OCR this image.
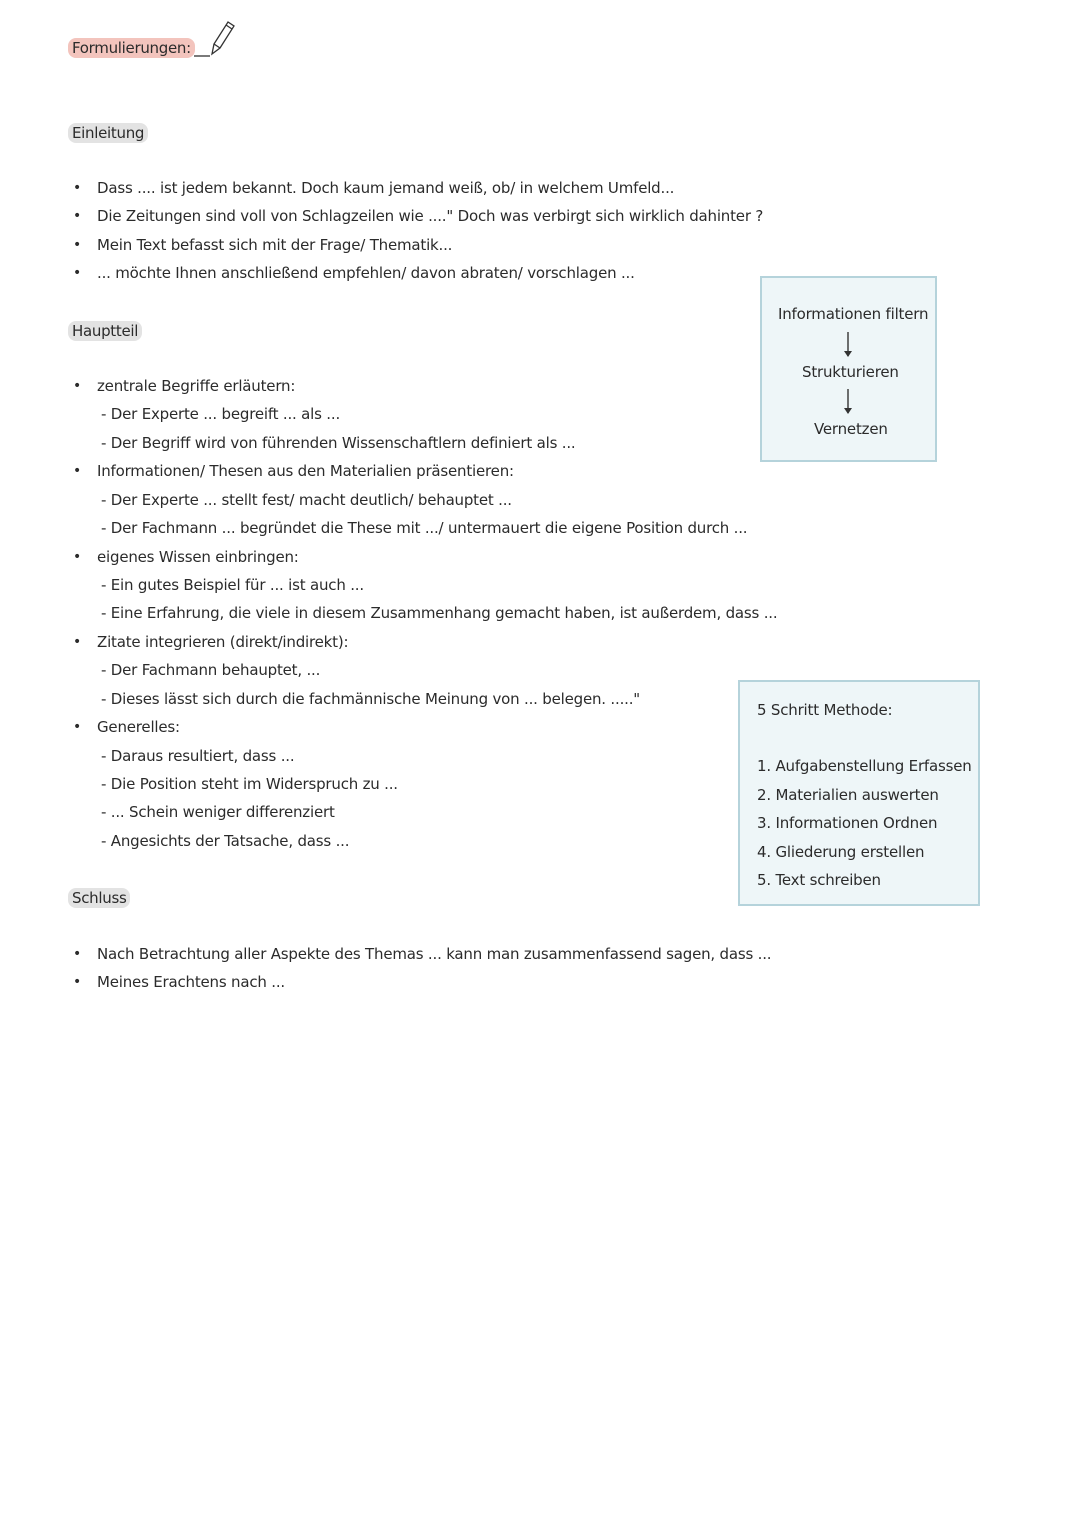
Formulierungen:
Einleitung
• Dass .... ist jedem bekannt. Doch kaum jemand weiß, ob/ in welchem Umfeld...
• Die Zeitungen sind voll von Schlagzeilen wie ...." Doch was verbirgt sich wirklich dahinter ?
• Mein Text befasst sich mit der Frage/ Thematik...
• ... möchte Ihnen anschließend empfehlen/ davon abraten/ vorschlagen ...
Hauptteil
• zentrale Begriffe erläutern:
- Der Experte ... begreift ... als ...
- Der Begriff wird von führenden Wissenschaftlern definiert als ...
• Informationen/ Thesen aus den Materialien präsentieren:
- Der Experte ... stellt fest/ macht deutlich/ behauptet ...
- Der Fachmann ... begründet die These mit .../ untermauert die eigene Position durch ...
• eigenes Wissen einbringen:
- Ein gutes Beispiel für ... ist auch ...
- Eine Erfahrung, die viele in diesem Zusammenhang gemacht haben, ist außerdem, dass ...
• Zitate integrieren (direkt/indirekt):
- Der Fachmann behauptet, ...
- Dieses lässt sich durch die fachmännische Meinung von ... belegen. ....."
• Generelles:
- Daraus resultiert, dass ...
- Die Position steht im Widerspruch zu ...
- ... Schein weniger differenziert
- Angesichts der Tatsache, dass ...
Schluss
• Nach Betrachtung aller Aspekte des Themas ... kann man zusammenfassend sagen, dass ...
• Meines Erachtens nach ...
Informationen filtern
Strukturieren
Vernetzen
5 Schritt Methode:
1. Aufgabenstellung Erfassen
2. Materialien auswerten
3. Informationen Ordnen
4. Gliederung erstellen
5. Text schreiben
